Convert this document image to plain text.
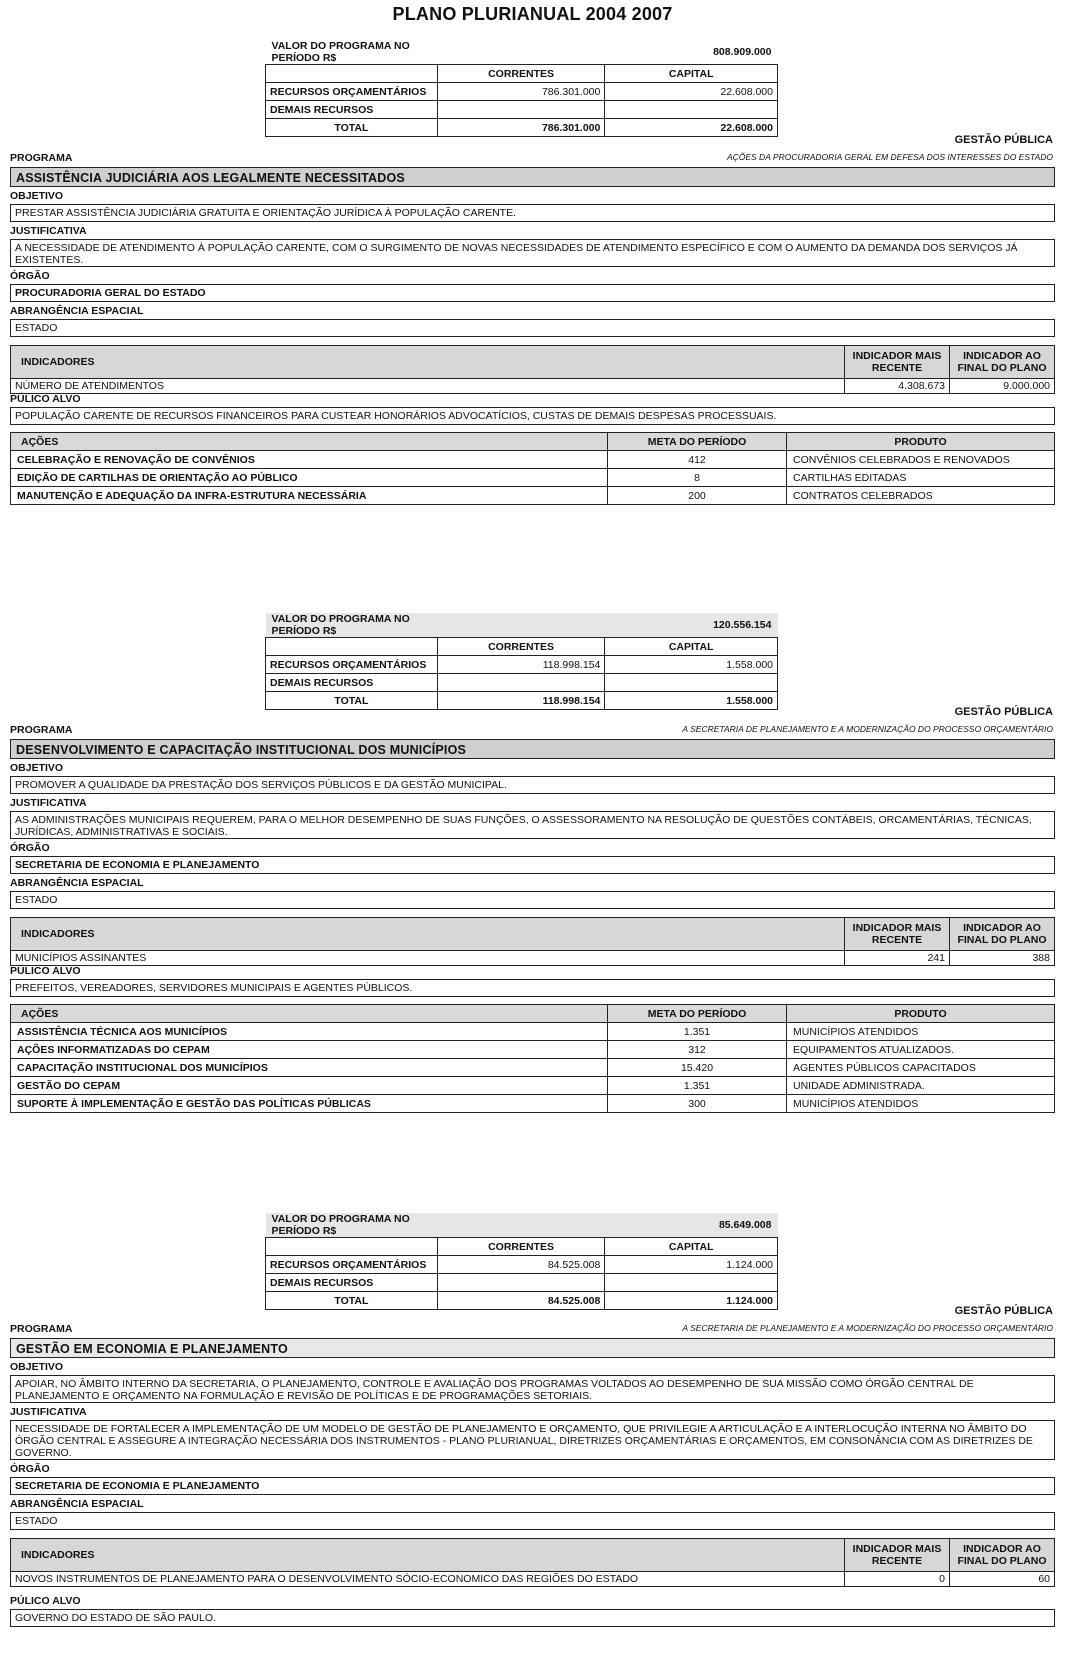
PLANO PLURIANUAL 2004 2007
VALOR DO PROGRAMA NO PERÍODO R$		808.909.000
	CORRENTES	CAPITAL
RECURSOS ORÇAMENTÁRIOS	786.301.000	22.608.000
DEMAIS RECURSOS		
TOTAL	786.301.000	22.608.000
GESTÃO PÚBLICA
PROGRAMA	AÇÕES DA PROCURADORIA GERAL EM DEFESA DOS INTERESSES DO ESTADO
ASSISTÊNCIA JUDICIÁRIA AOS LEGALMENTE NECESSITADOS
OBJETIVO
PRESTAR ASSISTÊNCIA JUDICIÁRIA GRATUITA E ORIENTAÇÃO JURÍDICA À POPULAÇÃO CARENTE.
JUSTIFICATIVA
A NECESSIDADE DE ATENDIMENTO À POPULAÇÃO CARENTE, COM O SURGIMENTO DE NOVAS NECESSIDADES DE ATENDIMENTO ESPECÍFICO E COM O AUMENTO DA DEMANDA DOS SERVIÇOS JÁ EXISTENTES.
ÓRGÃO
PROCURADORIA GERAL DO ESTADO
ABRANGÊNCIA ESPACIAL
ESTADO
INDICADORES	INDICADOR MAIS RECENTE	INDICADOR AO FINAL DO PLANO
NÚMERO DE ATENDIMENTOS	4.308.673	9.000.000
PÚLICO ALVO
POPULAÇÃO CARENTE DE RECURSOS FINANCEIROS PARA CUSTEAR HONORÁRIOS ADVOCATÍCIOS, CUSTAS DE DEMAIS DESPESAS PROCESSUAIS.
AÇÕES	META DO PERÍODO	PRODUTO
CELEBRAÇÃO E RENOVAÇÃO DE CONVÊNIOS	412	CONVÊNIOS CELEBRADOS E RENOVADOS
EDIÇÃO DE CARTILHAS DE ORIENTAÇÃO AO PÚBLICO	8	CARTILHAS EDITADAS
MANUTENÇÃO E ADEQUAÇÃO DA INFRA-ESTRUTURA NECESSÁRIA	200	CONTRATOS CELEBRADOS
VALOR DO PROGRAMA NO PERÍODO R$		120.556.154
	CORRENTES	CAPITAL
RECURSOS ORÇAMENTÁRIOS	118.998.154	1.558.000
DEMAIS RECURSOS		
TOTAL	118.998.154	1.558.000
GESTÃO PÚBLICA
PROGRAMA	A SECRETARIA DE PLANEJAMENTO E A MODERNIZAÇÃO DO PROCESSO ORÇAMENTÁRIO
DESENVOLVIMENTO E CAPACITAÇÃO INSTITUCIONAL DOS MUNICÍPIOS
OBJETIVO
PROMOVER A QUALIDADE DA PRESTAÇÃO DOS SERVIÇOS PÚBLICOS E DA GESTÃO MUNICIPAL.
JUSTIFICATIVA
AS ADMINISTRAÇÕES MUNICIPAIS REQUEREM, PARA O MELHOR DESEMPENHO DE SUAS FUNÇÕES, O ASSESSORAMENTO NA RESOLUÇÃO DE QUESTÕES CONTÁBEIS, ORCAMENTÁRIAS, TÉCNICAS, JURÍDICAS, ADMINISTRATIVAS E SOCIAIS.
ÓRGÃO
SECRETARIA DE ECONOMIA E PLANEJAMENTO
ABRANGÊNCIA ESPACIAL
ESTADO
INDICADORES	INDICADOR MAIS RECENTE	INDICADOR AO FINAL DO PLANO
MUNICÍPIOS ASSINANTES	241	388
PÚLICO ALVO
PREFEITOS, VEREADORES, SERVIDORES MUNICIPAIS E AGENTES PÚBLICOS.
AÇÕES	META DO PERÍODO	PRODUTO
ASSISTÊNCIA TÉCNICA AOS MUNICÍPIOS	1.351	MUNICÍPIOS ATENDIDOS
AÇÕES INFORMATIZADAS DO CEPAM	312	EQUIPAMENTOS ATUALIZADOS.
CAPACITAÇÃO INSTITUCIONAL DOS MUNICÍPIOS	15.420	AGENTES PÚBLICOS CAPACITADOS
GESTÃO DO CEPAM	1.351	UNIDADE ADMINISTRADA.
SUPORTE À IMPLEMENTAÇÃO E GESTÃO DAS POLÍTICAS PÚBLICAS	300	MUNICÍPIOS ATENDIDOS
VALOR DO PROGRAMA NO PERÍODO R$		85.649.008
	CORRENTES	CAPITAL
RECURSOS ORÇAMENTÁRIOS	84.525.008	1.124.000
DEMAIS RECURSOS		
TOTAL	84.525.008	1.124.000
GESTÃO PÚBLICA
PROGRAMA	A SECRETARIA DE PLANEJAMENTO E A MODERNIZAÇÃO DO PROCESSO ORÇAMENTÁRIO
GESTÃO EM ECONOMIA E PLANEJAMENTO
OBJETIVO
APOIAR, NO ÂMBITO INTERNO DA SECRETARIA, O PLANEJAMENTO, CONTROLE E AVALIAÇÃO DOS PROGRAMAS VOLTADOS AO DESEMPENHO DE SUA MISSÃO COMO ÓRGÃO CENTRAL DE PLANEJAMENTO E ORÇAMENTO NA FORMULAÇÃO E REVISÃO DE POLÍTICAS E DE PROGRAMAÇÕES SETORIAIS.
JUSTIFICATIVA
NECESSIDADE DE FORTALECER A IMPLEMENTAÇÃO DE UM MODELO DE GESTÃO DE PLANEJAMENTO E ORÇAMENTO, QUE PRIVILEGIE A ARTICULAÇÃO E A INTERLOCUÇÃO INTERNA NO ÂMBITO DO ÓRGÃO CENTRAL E ASSEGURE A INTEGRAÇÃO NECESSÁRIA DOS INSTRUMENTOS - PLANO PLURIANUAL, DIRETRIZES ORÇAMENTÁRIAS E ORÇAMENTOS, EM CONSONÂNCIA COM AS DIRETRIZES DE GOVERNO.
ÓRGÃO
SECRETARIA DE ECONOMIA E PLANEJAMENTO
ABRANGÊNCIA ESPACIAL
ESTADO
INDICADORES	INDICADOR MAIS RECENTE	INDICADOR AO FINAL DO PLANO
NOVOS INSTRUMENTOS DE PLANEJAMENTO PARA O DESENVOLVIMENTO SÓCIO-ECONOMICO DAS REGIÕES DO ESTADO	0	60
PÚLICO ALVO
GOVERNO DO ESTADO DE SÃO PAULO.
